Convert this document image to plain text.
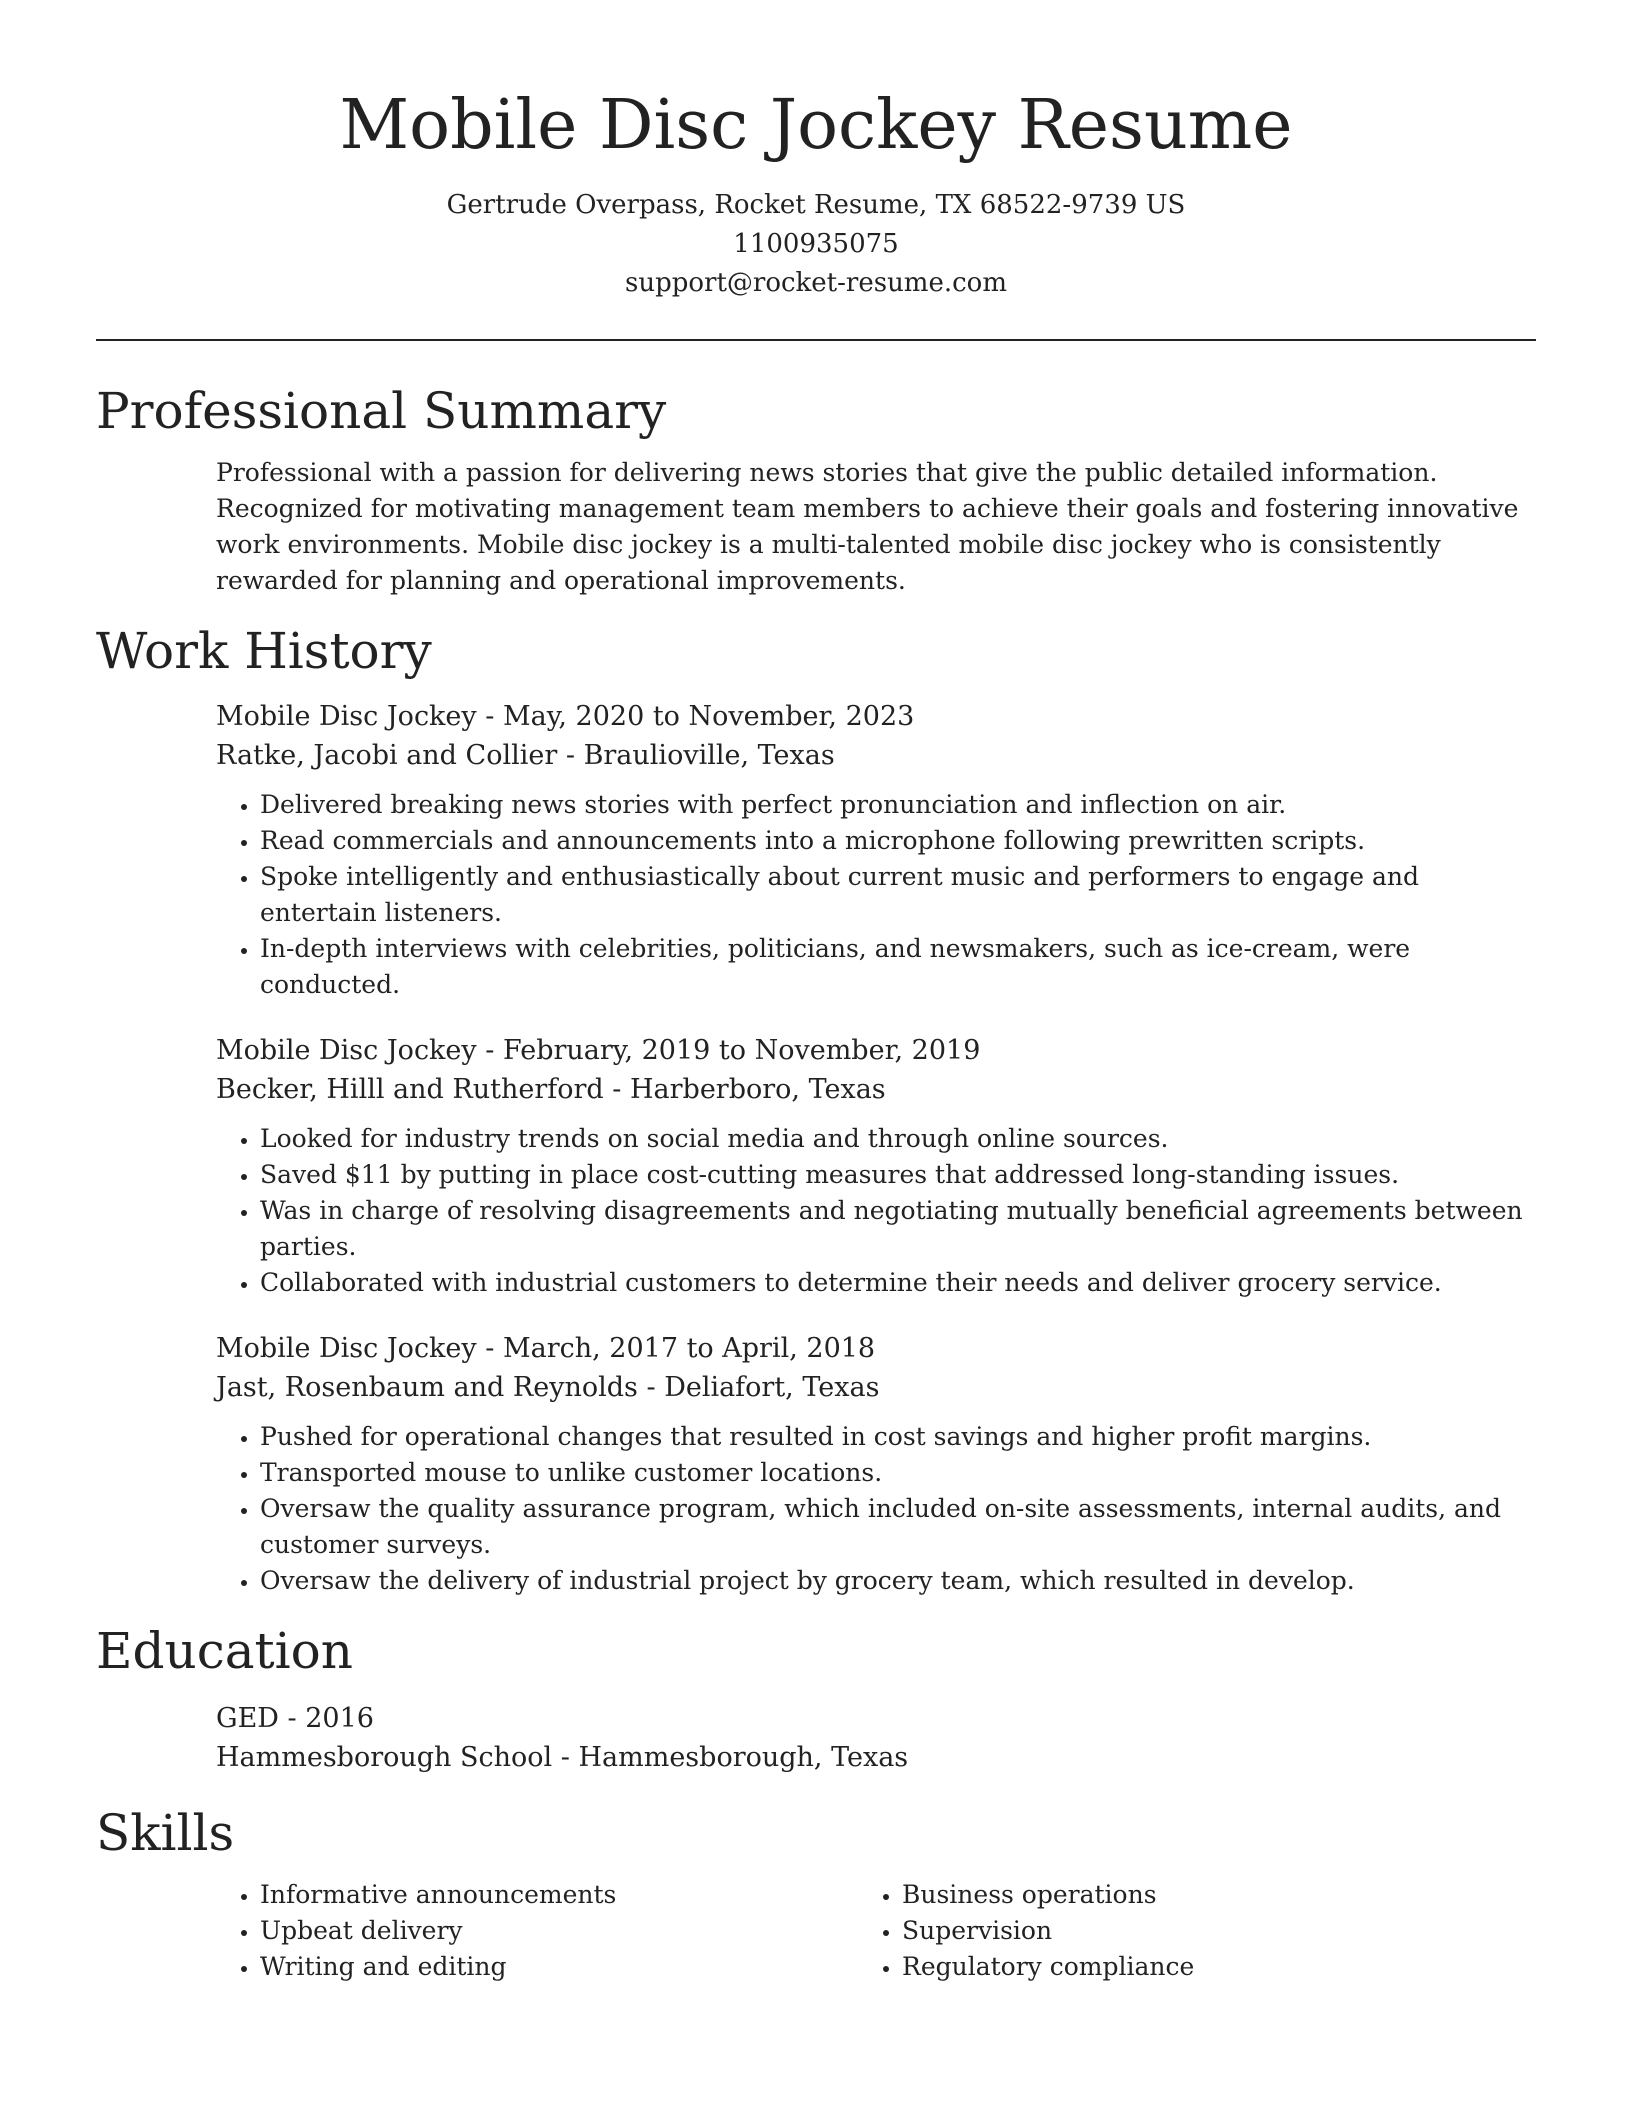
Mobile Disc Jockey Resume
Gertrude Overpass, Rocket Resume, TX 68522-9739 US
1100935075
support@rocket-resume.com
Professional Summary

Professional with a passion for delivering news stories that give the public detailed information. Recognized for motivating management team members to achieve their goals and fostering innovative work environments. Mobile disc jockey is a multi-talented mobile disc jockey who is consistently rewarded for planning and operational improvements.

Work History
Mobile Disc Jockey - May, 2020 to November, 2023
Ratke, Jacobi and Collier - Braulioville, Texas
• Delivered breaking news stories with perfect pronunciation and inflection on air.
• Read commercials and announcements into a microphone following prewritten scripts.
• Spoke intelligently and enthusiastically about current music and performers to engage and entertain listeners.
• In-depth interviews with celebrities, politicians, and newsmakers, such as ice-cream, were conducted.
Mobile Disc Jockey - February, 2019 to November, 2019
Becker, Hilll and Rutherford - Harberboro, Texas
• Looked for industry trends on social media and through online sources.
• Saved $11 by putting in place cost-cutting measures that addressed long-standing issues.
• Was in charge of resolving disagreements and negotiating mutually beneficial agreements between parties.
• Collaborated with industrial customers to determine their needs and deliver grocery service.
Mobile Disc Jockey - March, 2017 to April, 2018
Jast, Rosenbaum and Reynolds - Deliafort, Texas
• Pushed for operational changes that resulted in cost savings and higher profit margins.
• Transported mouse to unlike customer locations.
• Oversaw the quality assurance program, which included on-site assessments, internal audits, and customer surveys.
• Oversaw the delivery of industrial project by grocery team, which resulted in develop.
Education
GED - 2016
Hammesborough School - Hammesborough, Texas
Skills
• Informative announcements
• Upbeat delivery
• Writing and editing
• Business operations
• Supervision
• Regulatory compliance
